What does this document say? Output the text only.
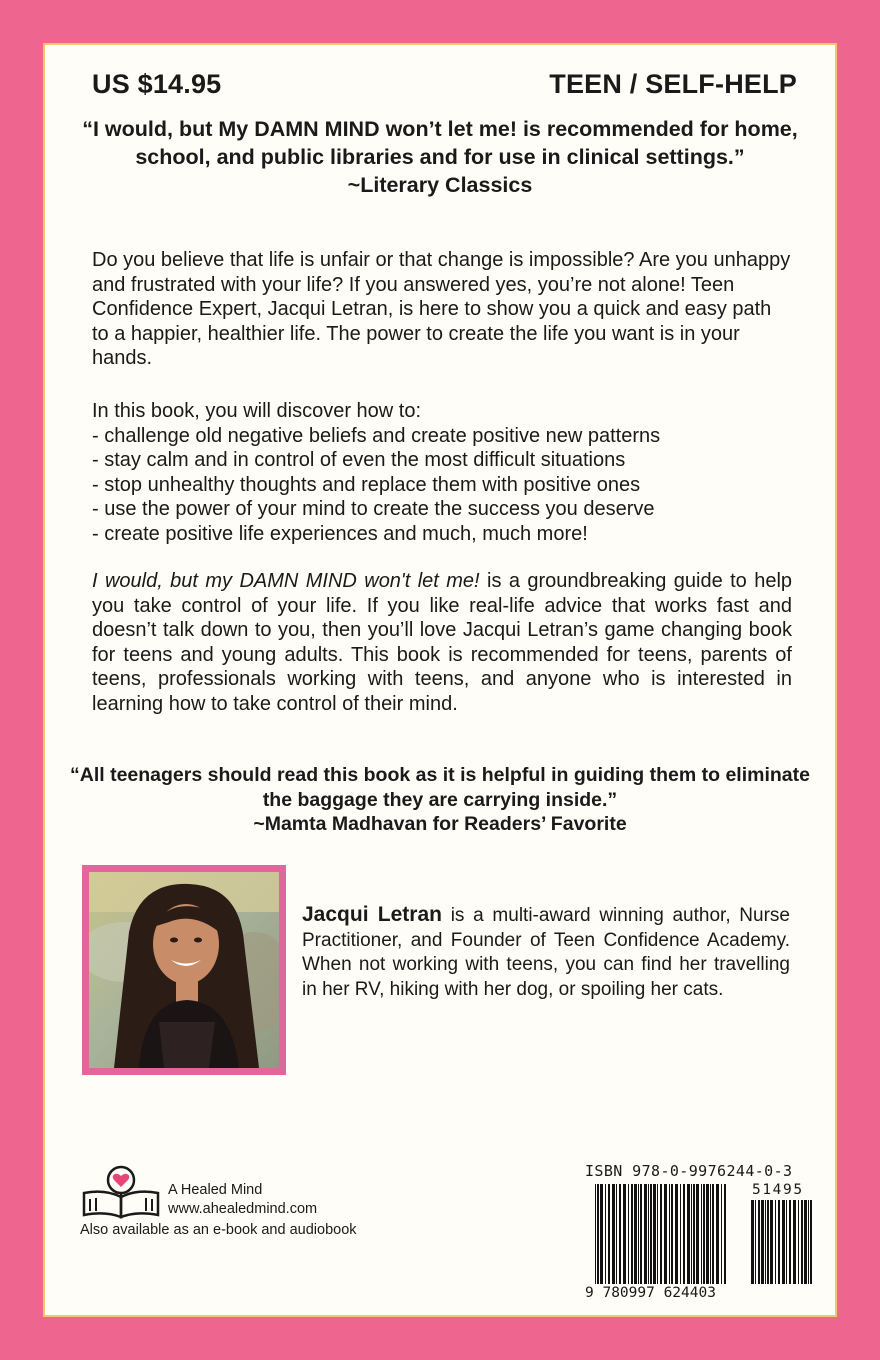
US $14.95	TEEN / SELF-HELP
“I would, but My DAMN MIND won’t let me! is recommended for home, school, and public libraries and for use in clinical settings.”
~Literary Classics
Do you believe that life is unfair or that change is impossible? Are you unhappy and frustrated with your life? If you answered yes, you’re not alone! Teen Confidence Expert, Jacqui Letran, is here to show you a quick and easy path to a happier, healthier life. The power to create the life you want is in your hands.
In this book, you will discover how to:
- challenge old negative beliefs and create positive new patterns
- stay calm and in control of even the most difficult situations
- stop unhealthy thoughts and replace them with positive ones
- use the power of your mind to create the success you deserve
- create positive life experiences and much, much more!
I would, but my DAMN MIND won't let me! is a groundbreaking guide to help you take control of your life. If you like real-life advice that works fast and doesn’t talk down to you, then you’ll love Jacqui Letran’s game changing book for teens and young adults. This book is recommended for teens, parents of teens, professionals working with teens, and anyone who is interested in learning how to take control of their mind.
“All teenagers should read this book as it is helpful in guiding them to eliminate the baggage they are carrying inside.”
~Mamta Madhavan for Readers’ Favorite
Jacqui Letran is a multi-award winning author, Nurse Practitioner, and Founder of Teen Confidence Academy. When not working with teens, you can find her travelling in her RV, hiking with her dog, or spoiling her cats.
A Healed Mind
www.ahealedmind.com
Also available as an e-book and audiobook
ISBN 978-0-9976244-0-3
51495
9 780997 624403
